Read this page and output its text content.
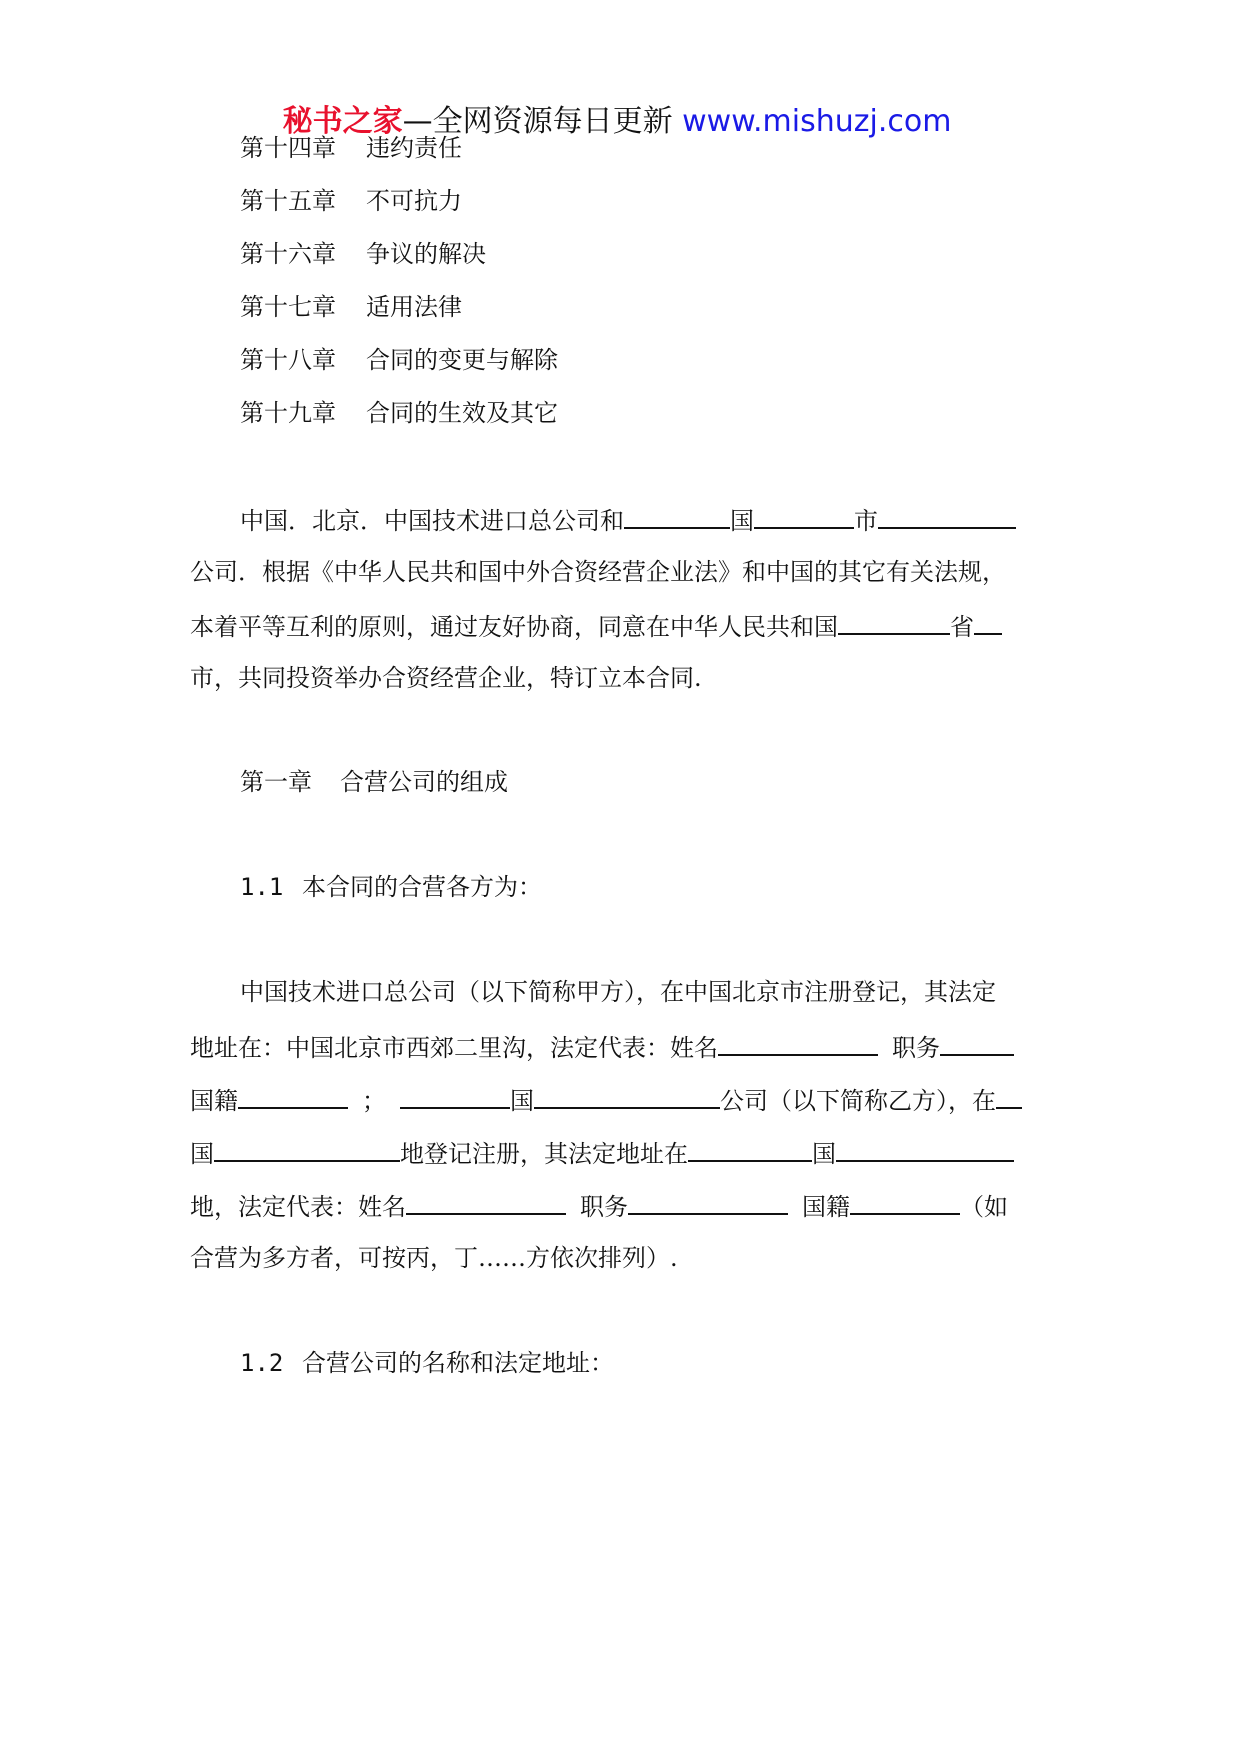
秘书之家—全网资源每日更新 www.mishuzj.com
第十四章 违约责任
第十五章 不可抗力
第十六章 争议的解决
第十七章 适用法律
第十八章 合同的变更与解除
第十九章 合同的生效及其它
中国．北京．中国技术进口总公司和	国	市
公司．根据《中华人民共和国中外合资经营企业法》和中国的其它有关法规，
本着平等互利的原则，通过友好协商，同意在中华人民共和国	省
市，共同投资举办合资经营企业，特订立本合同.
第一章 合营公司的组成
1.1 本合同的合营各方为：
中国技术进口总公司（以下简称甲方），在中国北京市注册登记，其法定
地址在：中国北京市西郊二里沟，法定代表：姓名	职务
国籍	；	国	公司（以下简称乙方），在
国	地登记注册，其法定地址在	国
地，法定代表：姓名	职务	国籍	（如
合营为多方者，可按丙，丁……方依次排列）.
1.2 合营公司的名称和法定地址：
